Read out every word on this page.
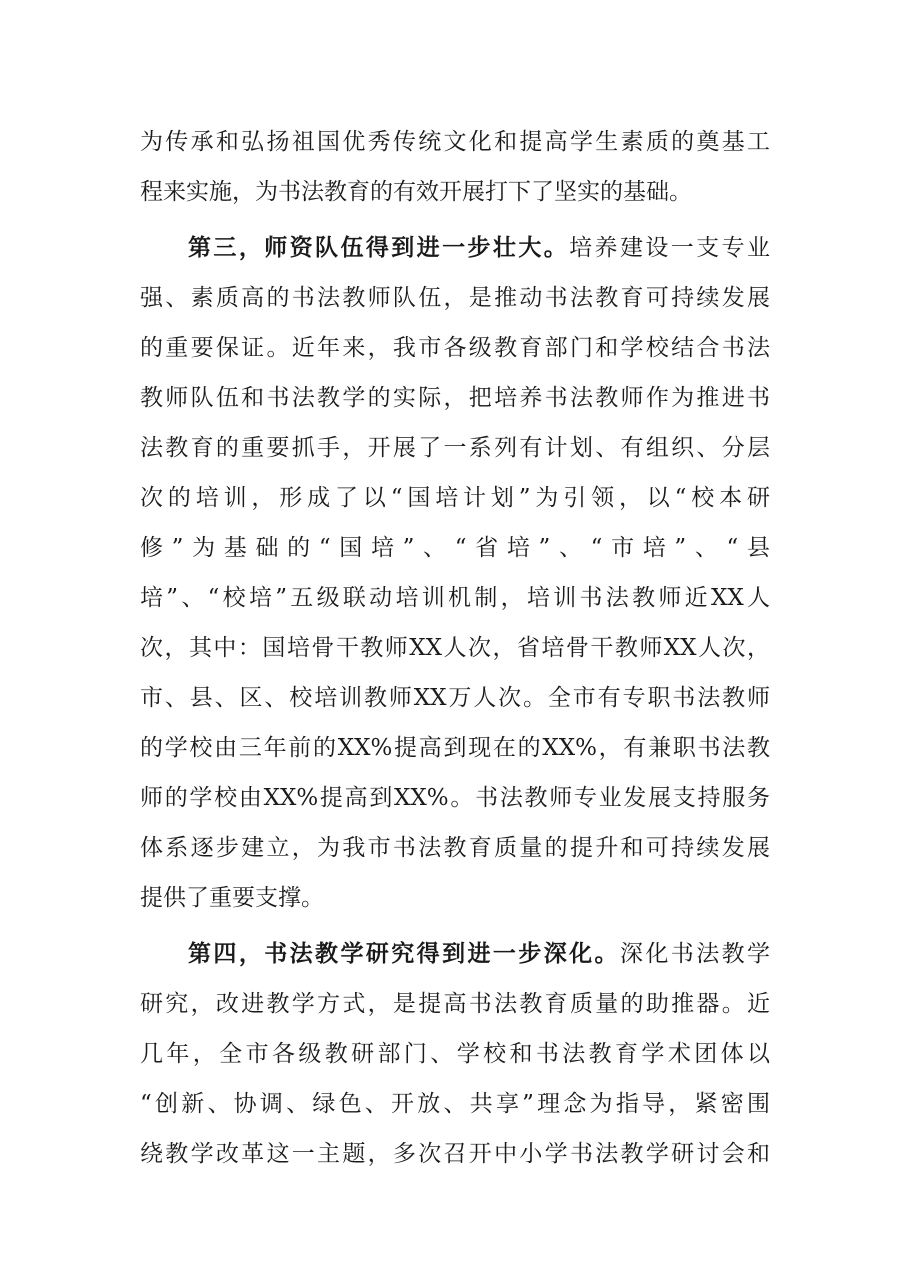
为传承和弘扬祖国优秀传统文化和提高学生素质的奠基工
程来实施，为书法教育的有效开展打下了坚实的基础。
第三，师资队伍得到进一步壮大。培养建设一支专业
强、素质高的书法教师队伍，是推动书法教育可持续发展
的重要保证。近年来，我市各级教育部门和学校结合书法
教师队伍和书法教学的实际，把培养书法教师作为推进书
法教育的重要抓手，开展了一系列有计划、有组织、分层
次的培训，形成了以“国培计划”为引领，以“校本研
修”为基础的“国培”、“省培”、“市培”、“县
培”、“校培”五级联动培训机制，培训书法教师近XX人
次，其中：国培骨干教师XX人次，省培骨干教师XX人次，
市、县、区、校培训教师XX万人次。全市有专职书法教师
的学校由三年前的XX%提高到现在的XX%，有兼职书法教
师的学校由XX%提高到XX%。书法教师专业发展支持服务
体系逐步建立，为我市书法教育质量的提升和可持续发展
提供了重要支撑。
第四，书法教学研究得到进一步深化。深化书法教学
研究，改进教学方式，是提高书法教育质量的助推器。近
几年，全市各级教研部门、学校和书法教育学术团体以
“创新、协调、绿色、开放、共享”理念为指导，紧密围
绕教学改革这一主题，多次召开中小学书法教学研讨会和
